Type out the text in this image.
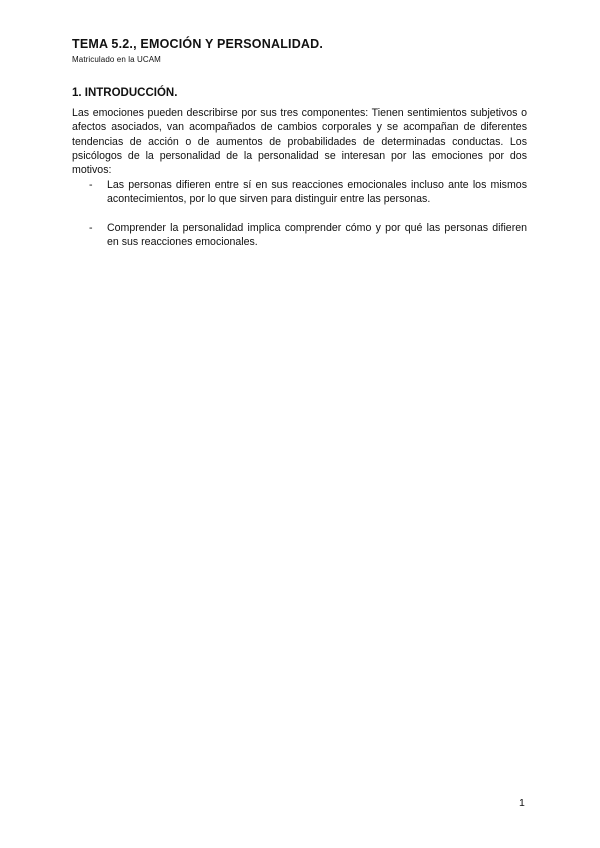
TEMA 5.2., EMOCIÓN Y PERSONALIDAD.
Matriculado en la UCAM
1. INTRODUCCIÓN.

Las emociones pueden describirse por sus tres componentes: Tienen sentimientos subjetivos o afectos asociados, van acompañados de cambios corporales y se acompañan de diferentes tendencias de acción o de aumentos de probabilidades de determinadas conductas. Los psicólogos de la personalidad de la personalidad se interesan por las emociones por dos motivos:

- Las personas difieren entre sí en sus reacciones emocionales incluso ante los mismos acontecimientos, por lo que sirven para distinguir entre las personas.
- Comprender la personalidad implica comprender cómo y por qué las personas difieren en sus reacciones emocionales.
1
